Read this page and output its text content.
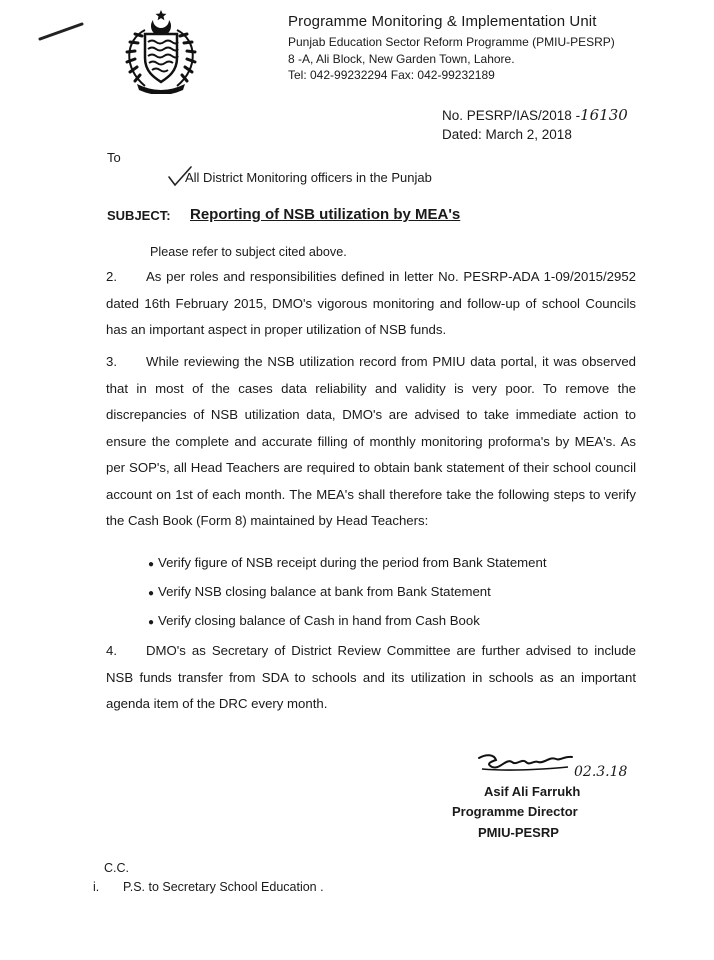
Programme Monitoring & Implementation Unit
Punjab Education Sector Reform Programme (PMIU-PESRP)
8 -A, Ali Block, New Garden Town, Lahore.
Tel: 042-99232294 Fax: 042-99232189
No. PESRP/IAS/2018 -16130
Dated: March 2, 2018
To
All District Monitoring officers in the Punjab
SUBJECT: Reporting of NSB utilization by MEA's
Please refer to subject cited above.
2. As per roles and responsibilities defined in letter No. PESRP-ADA 1-09/2015/2952 dated 16th February 2015, DMO's vigorous monitoring and follow-up of school Councils has an important aspect in proper utilization of NSB funds.
3. While reviewing the NSB utilization record from PMIU data portal, it was observed that in most of the cases data reliability and validity is very poor. To remove the discrepancies of NSB utilization data, DMO's are advised to take immediate action to ensure the complete and accurate filling of monthly monitoring proforma's by MEA's. As per SOP's, all Head Teachers are required to obtain bank statement of their school council account on 1st of each month. The MEA's shall therefore take the following steps to verify the Cash Book (Form 8) maintained by Head Teachers:
● Verify figure of NSB receipt during the period from Bank Statement
● Verify NSB closing balance at bank from Bank Statement
● Verify closing balance of Cash in hand from Cash Book
4. DMO's as Secretary of District Review Committee are further advised to include NSB funds transfer from SDA to schools and its utilization in schools as an important agenda item of the DRC every month.
02.3.18
Asif Ali Farrukh
Programme Director
PMIU-PESRP
C.C.
i. P.S. to Secretary School Education .
